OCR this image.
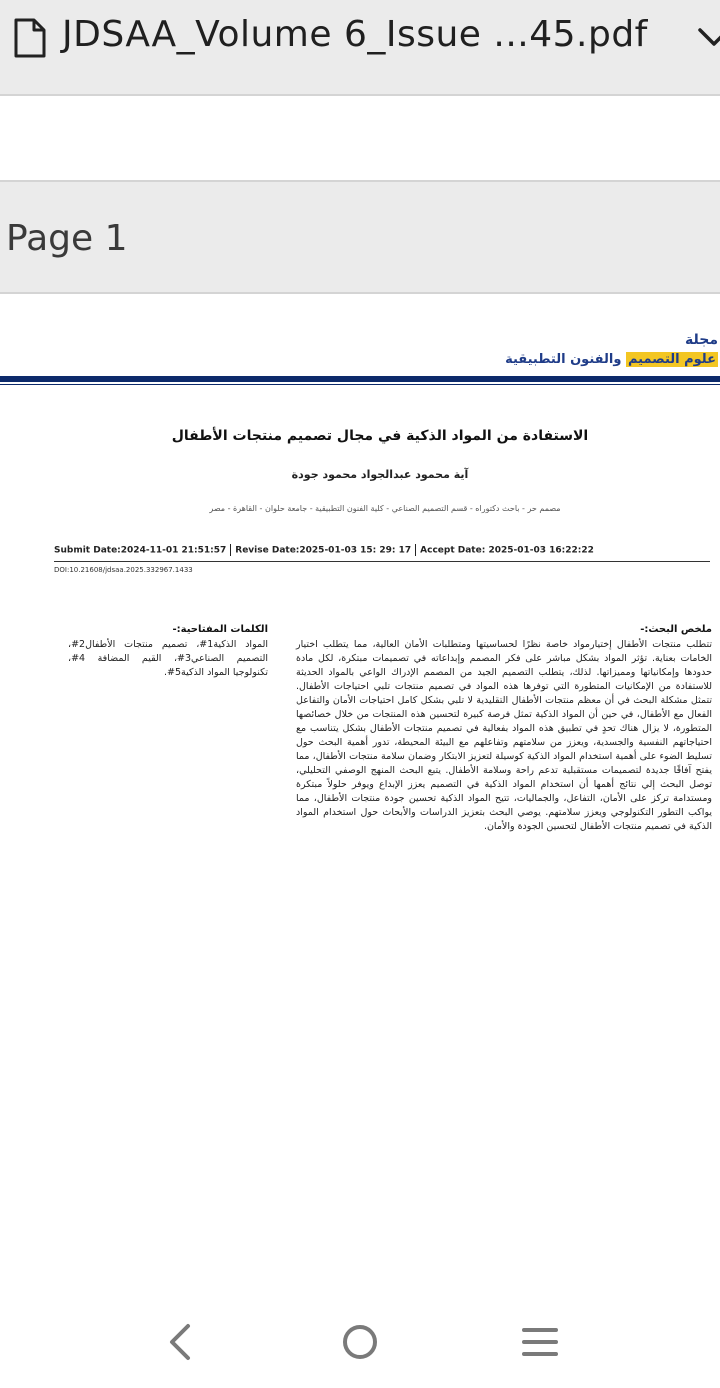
JDSAA_Volume 6_Issue ...45.pdf
Page 1
مجلة
علوم التصميم والفنون التطبيقية
الاستفادة من المواد الذكية في مجال تصميم منتجات الأطفال
آية محمود عبدالجواد محمود جودة
مصمم حر - باحث دكتوراه - قسم التصميم الصناعي - كلية الفنون التطبيقية - جامعة حلوان - القاهرة - مصر
Submit Date:2024-11-01 21:51:57 Revise Date:2025-01-03 15: 29: 17 Accept Date: 2025-01-03 16:22:22
DOI:10.21608/jdsaa.2025.332967.1433
الكلمات المفتاحية:-
المواد الذكية1#، تصميم منتجات الأطفال2#، التصميم الصناعي3#، القيم المضافة 4#، تكنولوجيا المواد الذكية5#.
ملخص البحث:-
تتطلب منتجات الأطفال إختيارمواد خاصة نظرًا لحساسيتها ومتطلبات الأمان العالية، مما يتطلب اختيار الخامات بعناية. تؤثر المواد بشكل مباشر على فكر المصمم وإبداعاته في تصميمات مبتكرة، لكل مادة حدودها وإمكانياتها ومميزاتها. لذلك، يتطلب التصميم الجيد من المصمم الإدراك الواعي بالمواد الحديثة للاستفادة من الإمكانيات المتطورة التي توفرها هذه المواد في تصميم منتجات تلبي احتياجات الأطفال. تتمثل مشكلة البحث في أن معظم منتجات الأطفال التقليدية لا تلبي بشكل كامل احتياجات الأمان والتفاعل الفعال مع الأطفال، في حين أن المواد الذكية تمثل فرصة كبيرة لتحسين هذه المنتجات من خلال خصائصها المتطورة، لا يزال هناك تحدٍ في تطبيق هذه المواد بفعالية في تصميم منتجات الأطفال بشكل يتناسب مع احتياجاتهم النفسية والجسدية، ويعزز من سلامتهم وتفاعلهم مع البيئة المحيطة، تدور أهمية البحث حول تسليط الضوء على أهمية استخدام المواد الذكية كوسيلة لتعزيز الابتكار وضمان سلامة منتجات الأطفال، مما يفتح آفاقًا جديدة لتصميمات مستقبلية تدعم راحة وسلامة الأطفال. يتبع البحث المنهج الوصفي التحليلي، توصل البحث إلي نتائج أهمها أن استخدام المواد الذكية في التصميم يعزز الإبداع ويوفر حلولاً مبتكرة ومستدامة تركز على الأمان، التفاعل، والجماليات، تتيح المواد الذكية تحسين جودة منتجات الأطفال، مما يواكب التطور التكنولوجي ويعزز سلامتهم. يوصي البحث بتعزيز الدراسات والأبحاث حول استخدام المواد الذكية في تصميم منتجات الأطفال لتحسين الجودة والأمان.
